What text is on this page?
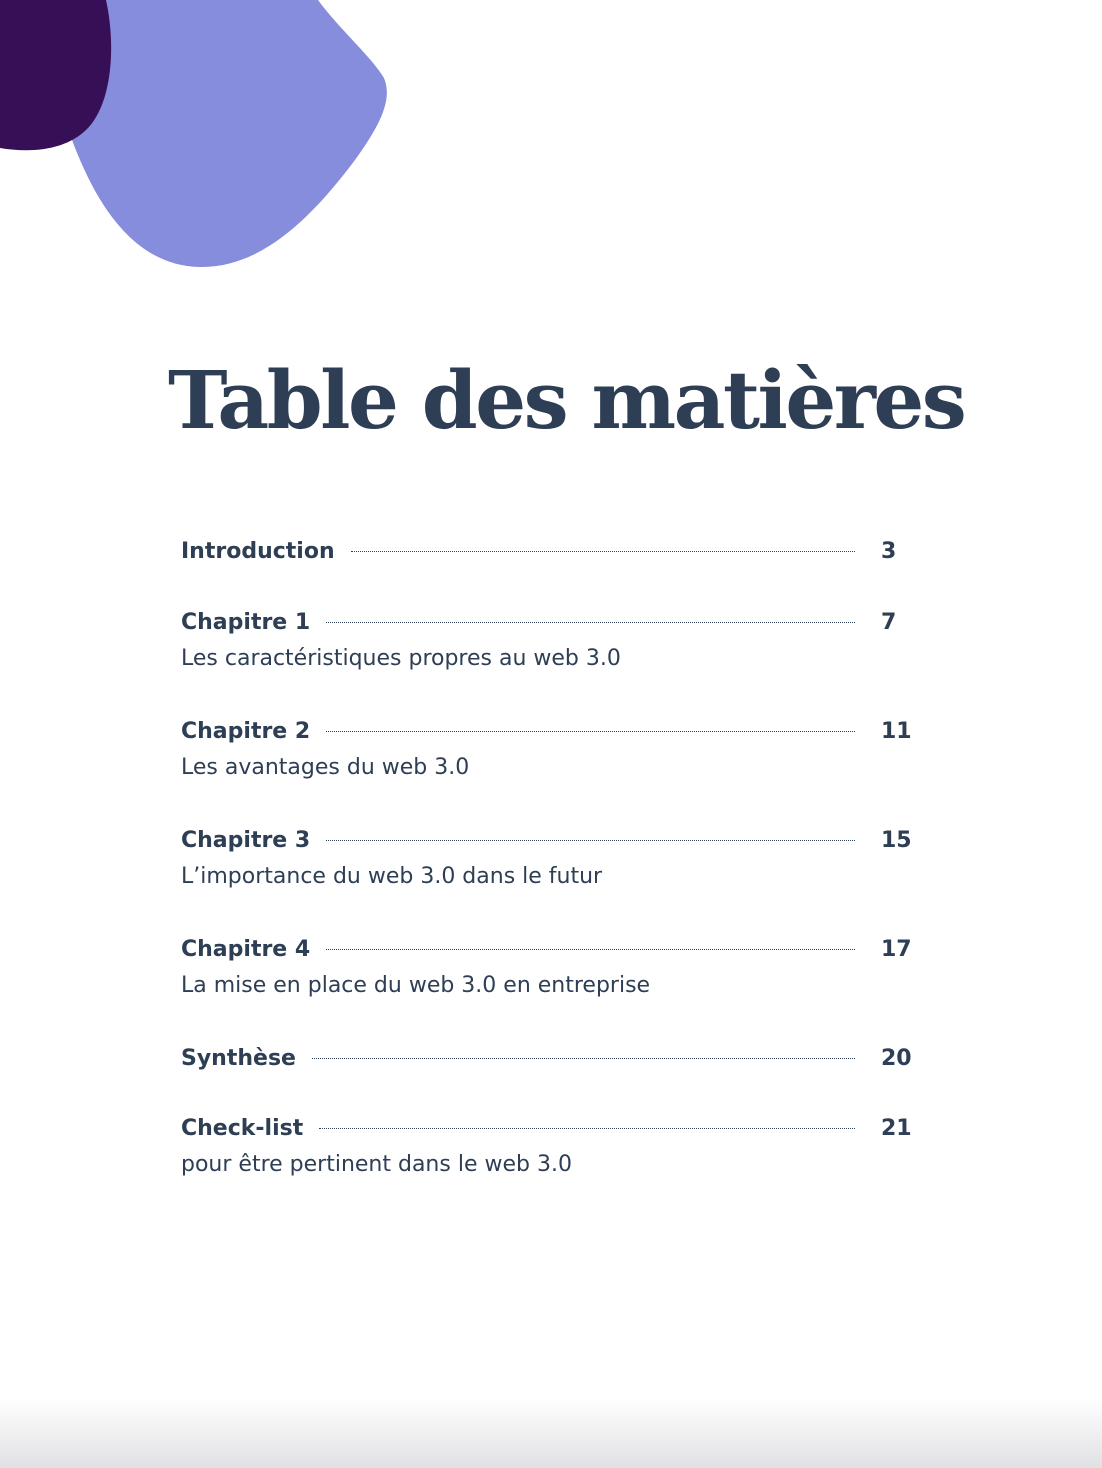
Table des matières
Introduction	3
Chapitre 1	7
Les caractéristiques propres au web 3.0
Chapitre 2	11
Les avantages du web 3.0
Chapitre 3	15
L’importance du web 3.0 dans le futur
Chapitre 4	17
La mise en place du web 3.0 en entreprise
Synthèse	20
Check-list	21
pour être pertinent dans le web 3.0
